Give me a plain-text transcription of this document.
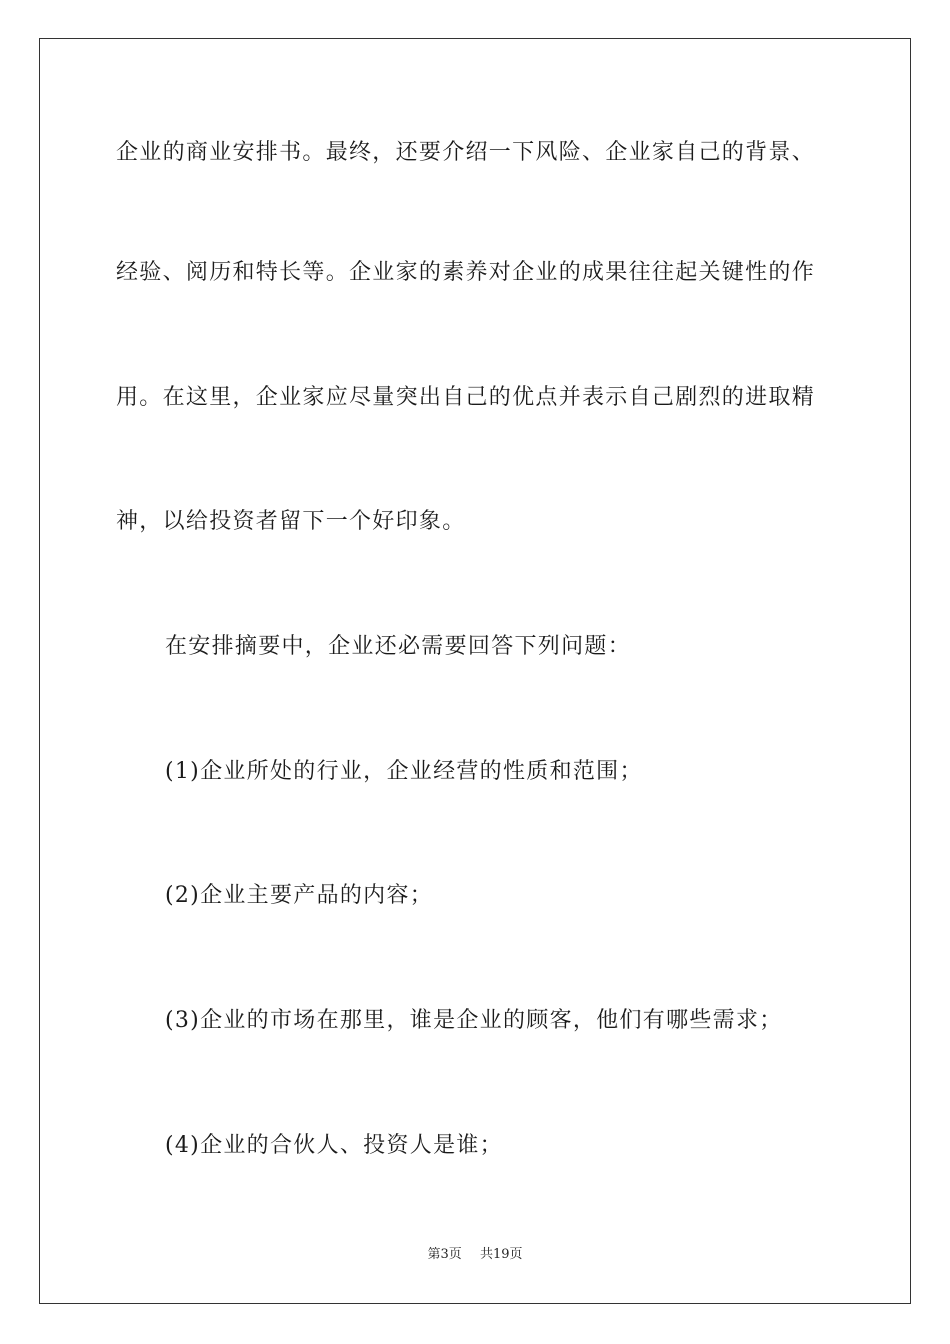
企业的商业安排书。最终，还要介绍一下风险、企业家自己的背景、
经验、阅历和特长等。企业家的素养对企业的成果往往起关键性的作
用。在这里，企业家应尽量突出自己的优点并表示自己剧烈的进取精
神，以给投资者留下一个好印象。
在安排摘要中，企业还必需要回答下列问题：
(1)企业所处的行业，企业经营的性质和范围；
(2)企业主要产品的内容；
(3)企业的市场在那里，谁是企业的顾客，他们有哪些需求；
(4)企业的合伙人、投资人是谁；
第3页 共19页
